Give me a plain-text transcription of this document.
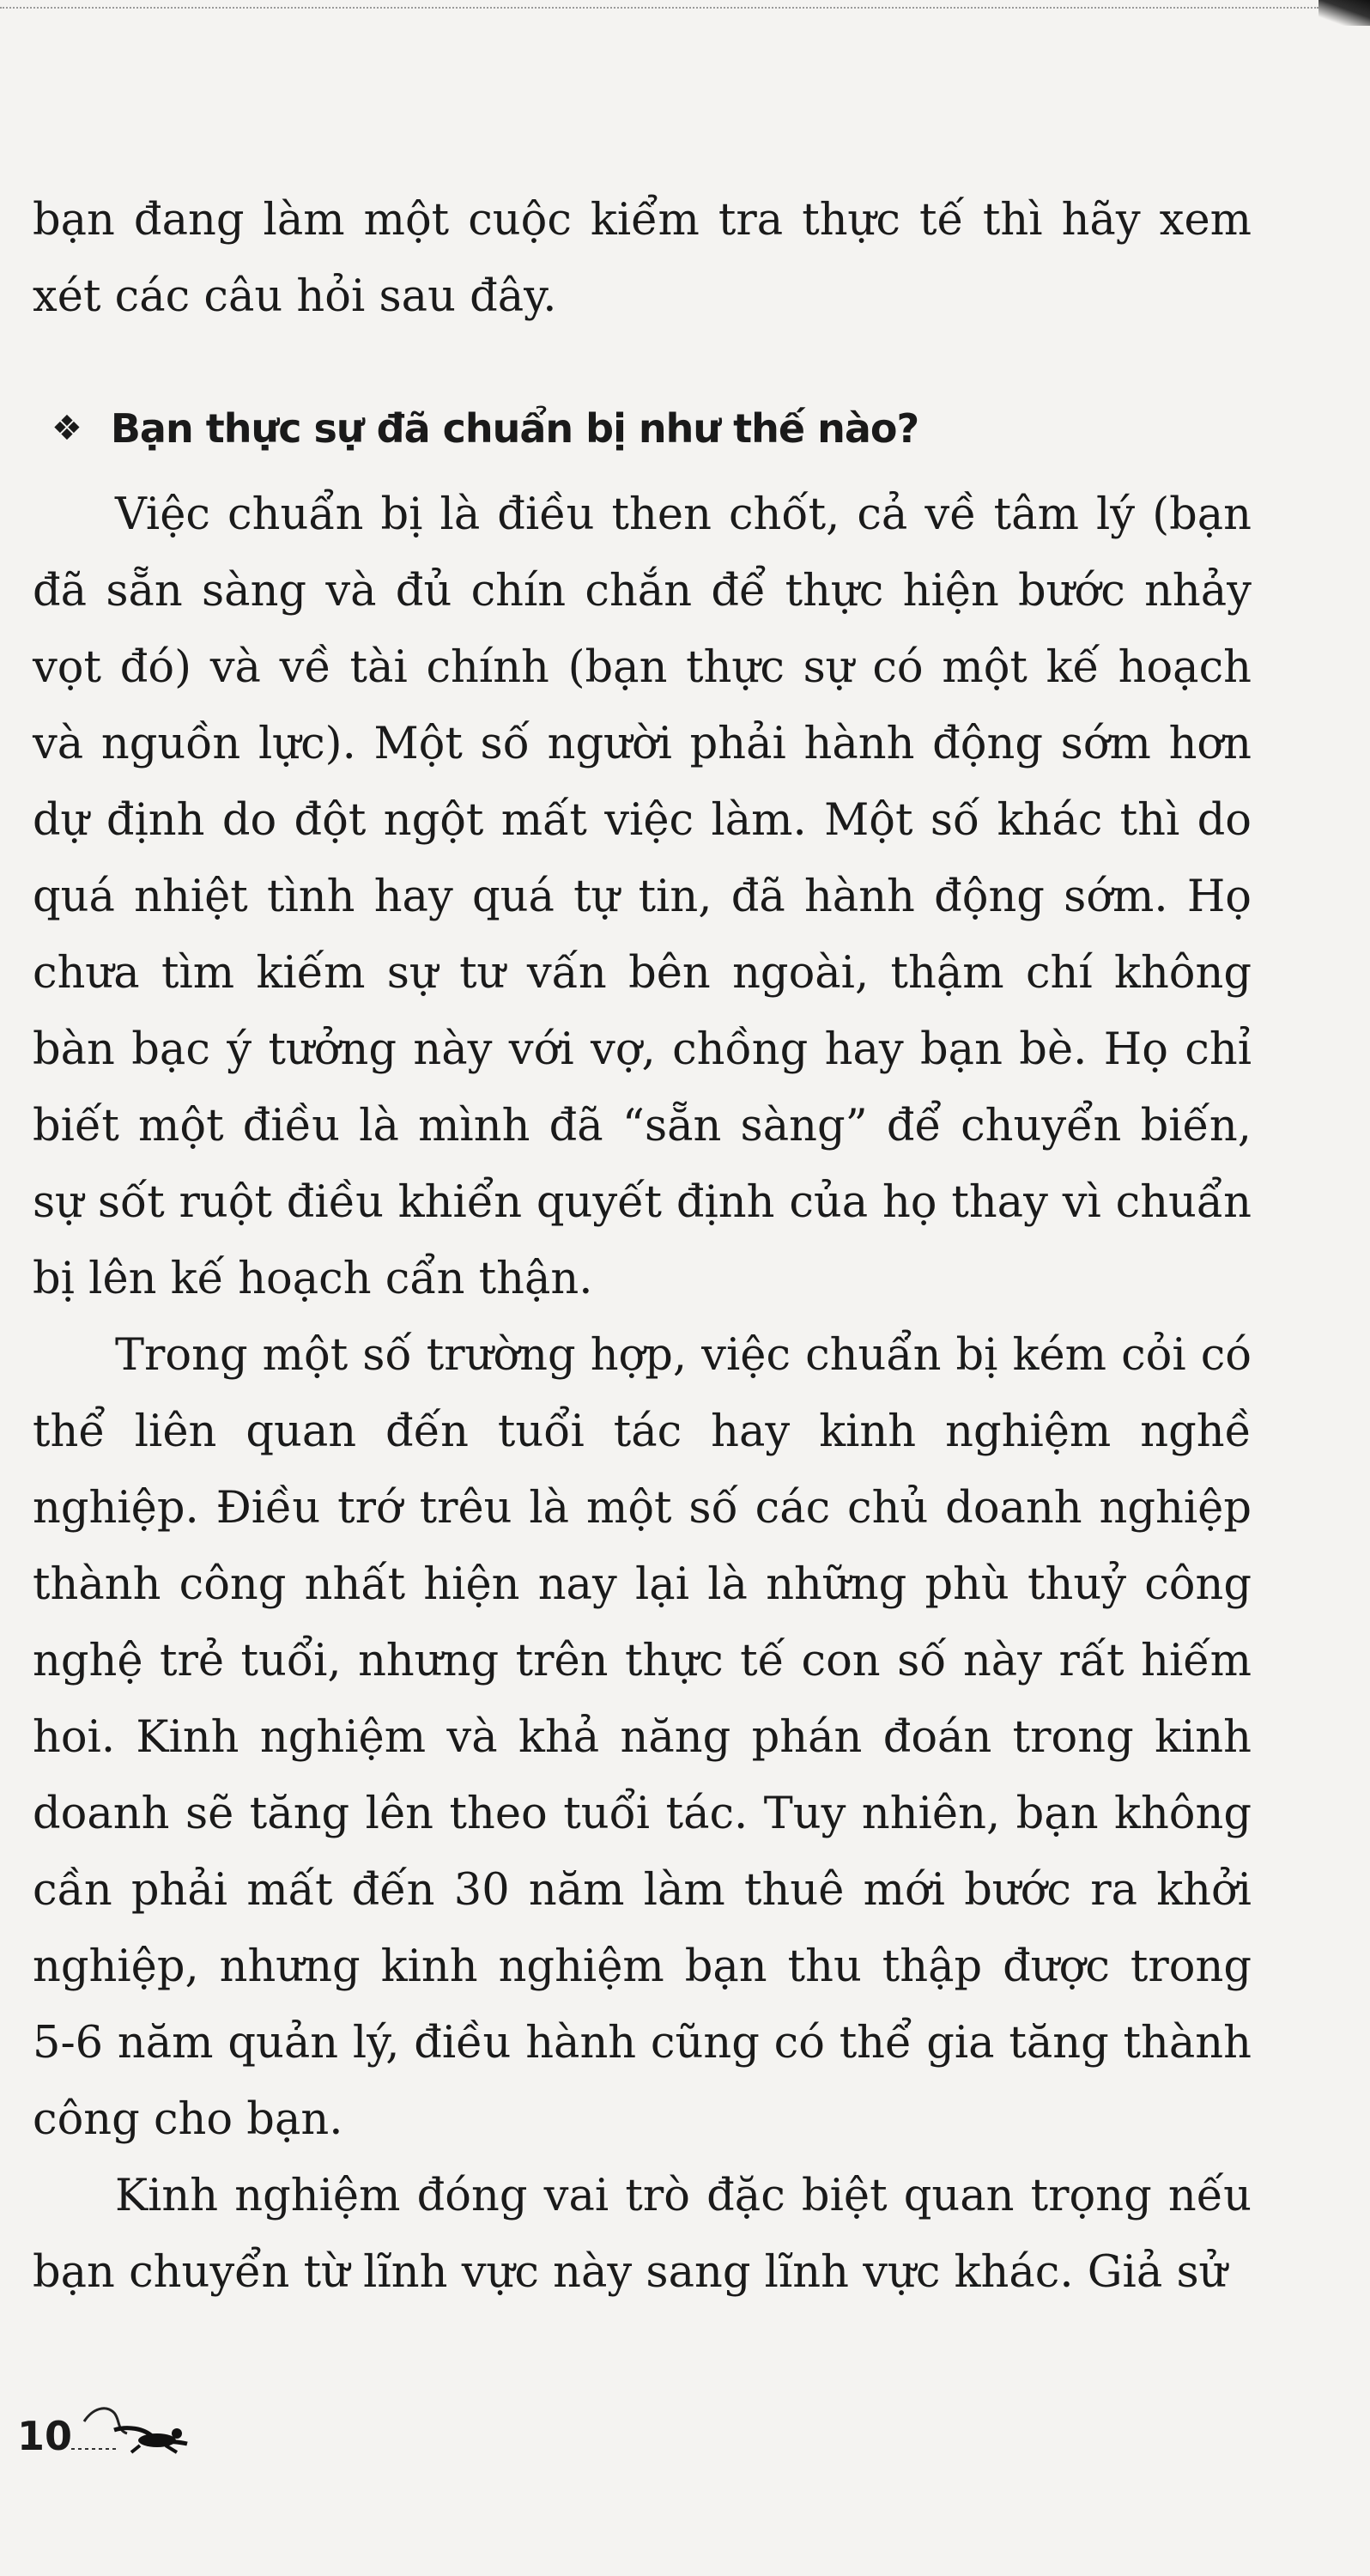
bạn đang làm một cuộc kiểm tra thực tế thì hãy xem xét các câu hỏi sau đây.

❖ Bạn thực sự đã chuẩn bị như thế nào?

Việc chuẩn bị là điều then chốt, cả về tâm lý (bạn đã sẵn sàng và đủ chín chắn để thực hiện bước nhảy vọt đó) và về tài chính (bạn thực sự có một kế hoạch và nguồn lực). Một số người phải hành động sớm hơn dự định do đột ngột mất việc làm. Một số khác thì do quá nhiệt tình hay quá tự tin, đã hành động sớm. Họ chưa tìm kiếm sự tư vấn bên ngoài, thậm chí không bàn bạc ý tưởng này với vợ, chồng hay bạn bè. Họ chỉ biết một điều là mình đã “sẵn sàng” để chuyển biến, sự sốt ruột điều khiển quyết định của họ thay vì chuẩn bị lên kế hoạch cẩn thận.

Trong một số trường hợp, việc chuẩn bị kém cỏi có thể liên quan đến tuổi tác hay kinh nghiệm nghề nghiệp. Điều trớ trêu là một số các chủ doanh nghiệp thành công nhất hiện nay lại là những phù thuỷ công nghệ trẻ tuổi, nhưng trên thực tế con số này rất hiếm hoi. Kinh nghiệm và khả năng phán đoán trong kinh doanh sẽ tăng lên theo tuổi tác. Tuy nhiên, bạn không cần phải mất đến 30 năm làm thuê mới bước ra khởi nghiệp, nhưng kinh nghiệm bạn thu thập được trong 5-6 năm quản lý, điều hành cũng có thể gia tăng thành công cho bạn.

Kinh nghiệm đóng vai trò đặc biệt quan trọng nếu bạn chuyển từ lĩnh vực này sang lĩnh vực khác. Giả sử

10
